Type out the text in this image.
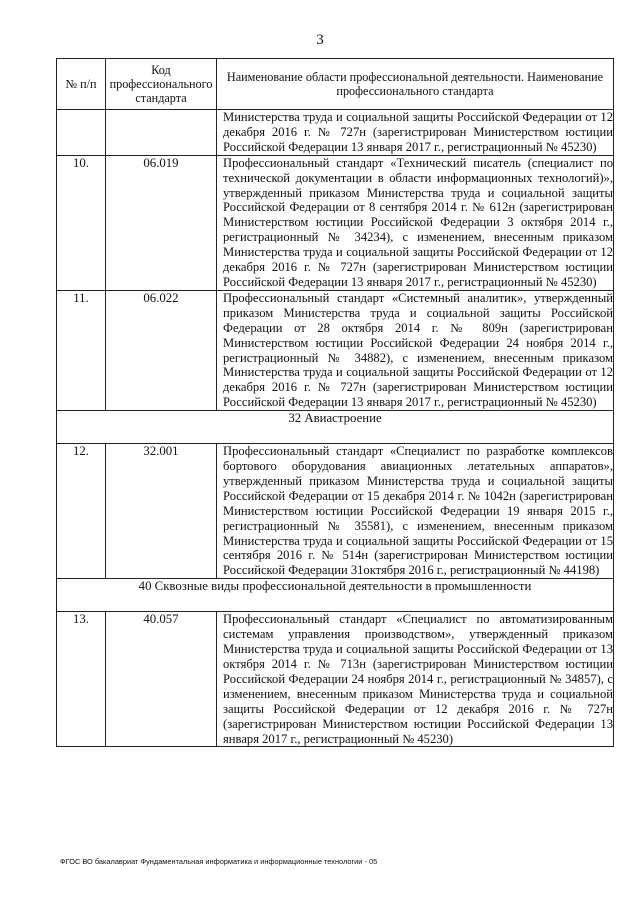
3
№ п/п	Код профессионального стандарта	Наименование области профессиональной деятельности. Наименование профессионального стандарта
		Министерства труда и социальной защиты Российской Федерации от 12 декабря 2016 г. № 727н (зарегистрирован Министерством юстиции Российской Федерации 13 января 2017 г., регистрационный № 45230)
10.	06.019	Профессиональный стандарт «Технический писатель (специалист по технической документации в области информационных технологий)», утвержденный приказом Министерства труда и социальной защиты Российской Федерации от 8 сентября 2014 г. № 612н (зарегистрирован Министерством юстиции Российской Федерации 3 октября 2014 г., регистрационный № 34234), с изменением, внесенным приказом Министерства труда и социальной защиты Российской Федерации от 12 декабря 2016 г. № 727н (зарегистрирован Министерством юстиции Российской Федерации 13 января 2017 г., регистрационный № 45230)
11.	06.022	Профессиональный стандарт «Системный аналитик», утвержденный приказом Министерства труда и социальной защиты Российской Федерации от 28 октября 2014 г. № 809н (зарегистрирован Министерством юстиции Российской Федерации 24 ноября 2014 г., регистрационный № 34882), с изменением, внесенным приказом Министерства труда и социальной защиты Российской Федерации от 12 декабря 2016 г. № 727н (зарегистрирован Министерством юстиции Российской Федерации 13 января 2017 г., регистрационный № 45230)
32 Авиастроение		
12.	32.001	Профессиональный стандарт «Специалист по разработке комплексов бортового оборудования авиационных летательных аппаратов», утвержденный приказом Министерства труда и социальной защиты Российской Федерации от 15 декабря 2014 г. № 1042н (зарегистрирован Министерством юстиции Российской Федерации 19 января 2015 г., регистрационный № 35581), с изменением, внесенным приказом Министерства труда и социальной защиты Российской Федерации от 15 сентября 2016 г. № 514н (зарегистрирован Министерством юстиции Российской Федерации 31октября 2016 г., регистрационный № 44198)
40 Сквозные виды профессиональной деятельности в промышленности		
13.	40.057	Профессиональный стандарт «Специалист по автоматизированным системам управления производством», утвержденный приказом Министерства труда и социальной защиты Российской Федерации от 13 октября 2014 г. № 713н (зарегистрирован Министерством юстиции Российской Федерации 24 ноября 2014 г., регистрационный № 34857), с изменением, внесенным приказом Министерства труда и социальной защиты Российской Федерации от 12 декабря 2016 г. № 727н (зарегистрирован Министерством юстиции Российской Федерации 13 января 2017 г., регистрационный № 45230)
ФГОС ВО бакалавриат Фундаментальная информатика и информационные технологии - 05
